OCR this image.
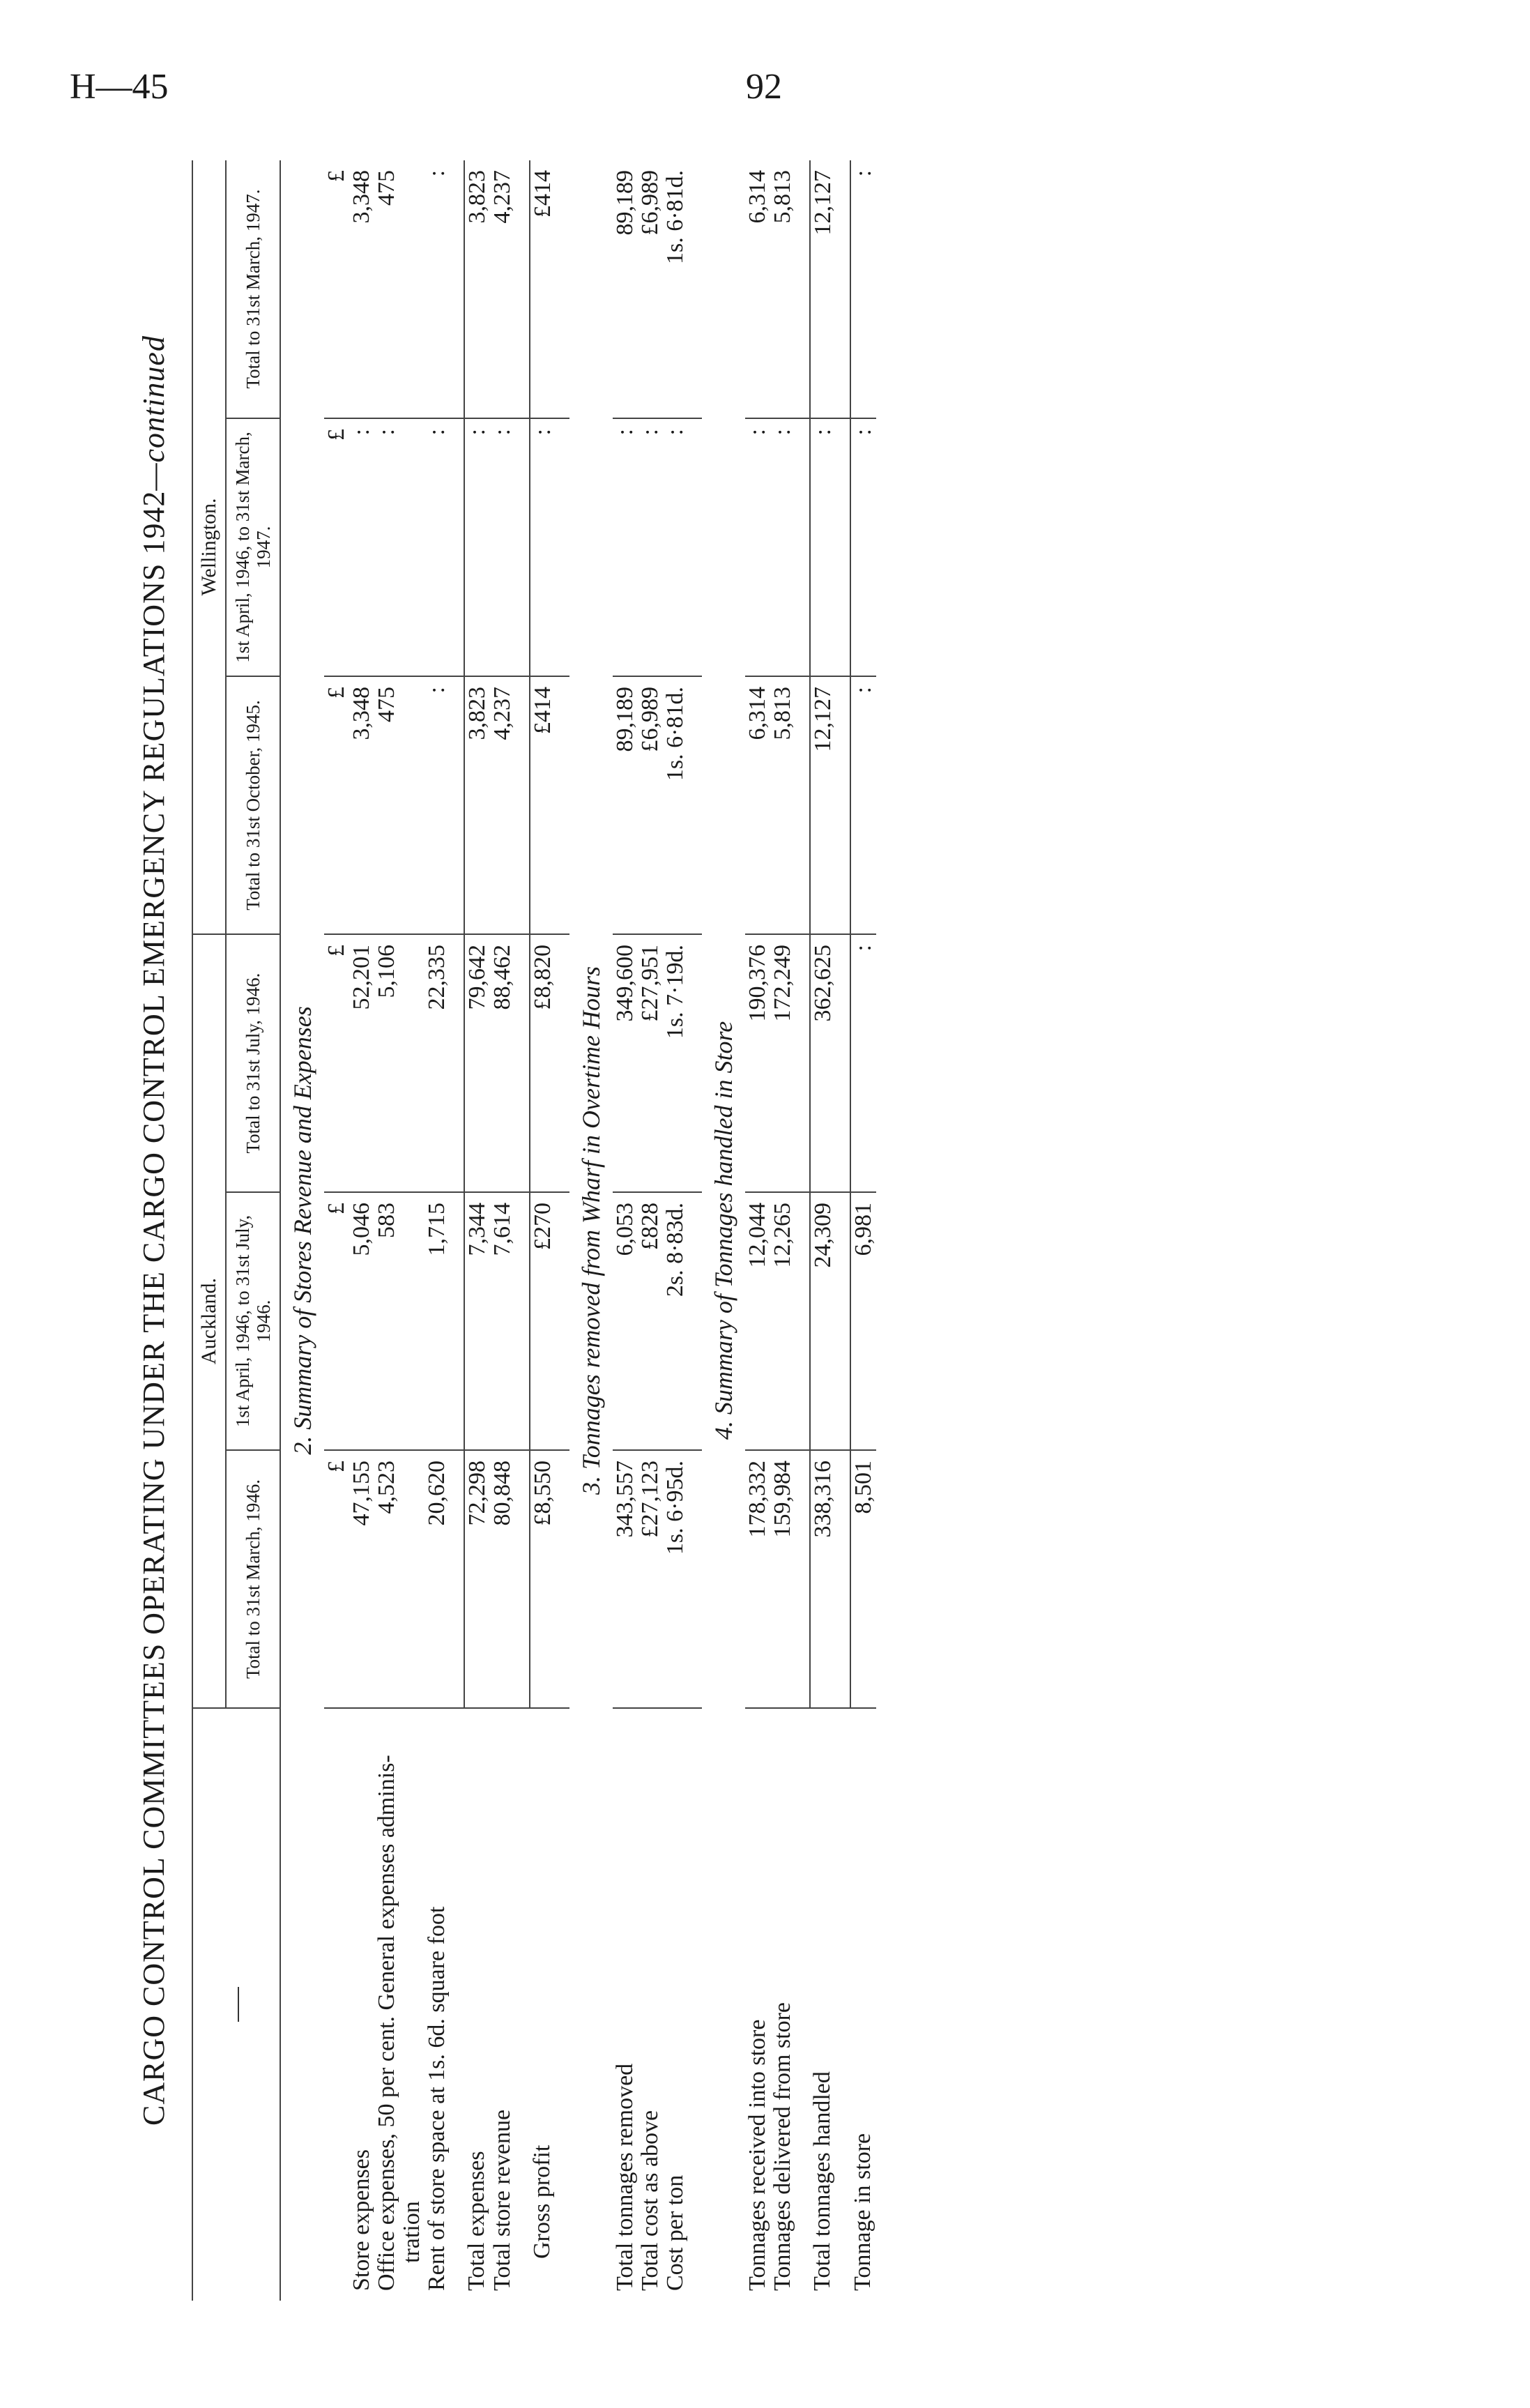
H—45	92
CARGO CONTROL COMMITTEES OPERATING UNDER THE CARGO CONTROL EMERGENCY REGULATIONS 1942—continued
	Auckland.			Wellington.		
	Total to 31st March, 1946.	1st April, 1946, to 31st July, 1946.	Total to 31st July, 1946.	Total to 31st October, 1945.	1st April, 1946, to 31st March, 1947.	Total to 31st March, 1947.
2. Summary of Stores Revenue and Expenses						
	£	£	£	£	£	£
Store expenses	47,155	5,046	52,201	3,348	:	3,348
Office expenses, 50 per cent. General expenses adminis- tration	4,523	583	5,106	475	:	475
Rent of store space at 1s. 6d. square foot	20,620	1,715	22,335	:	:	:

Total expenses	72,298	7,344	79,642	3,823	:	3,823
Total store revenue	80,848	7,614	88,462	4,237	:	4,237

Gross profit	£8,550	£270	£8,820	£414	:	£414

3. Tonnages removed from Wharf in Overtime Hours						
Total tonnages removed	343,557	6,053	349,600	89,189	:	89,189
Total cost as above	£27,123	£828	£27,951	£6,989	:	£6,989
Cost per ton	1s. 6·95d.	2s. 8·83d.	1s. 7·19d.	1s. 6·81d.	:	1s. 6·81d.

4. Summary of Tonnages handled in Store						
Tonnages received into store	178,332	12,044	190,376	6,314	:	6,314
Tonnages delivered from store	159,984	12,265	172,249	5,813	:	5,813

Total tonnages handled	338,316	24,309	362,625	12,127	:	12,127

Tonnage in store	8,501	6,981	:	:	:	:
